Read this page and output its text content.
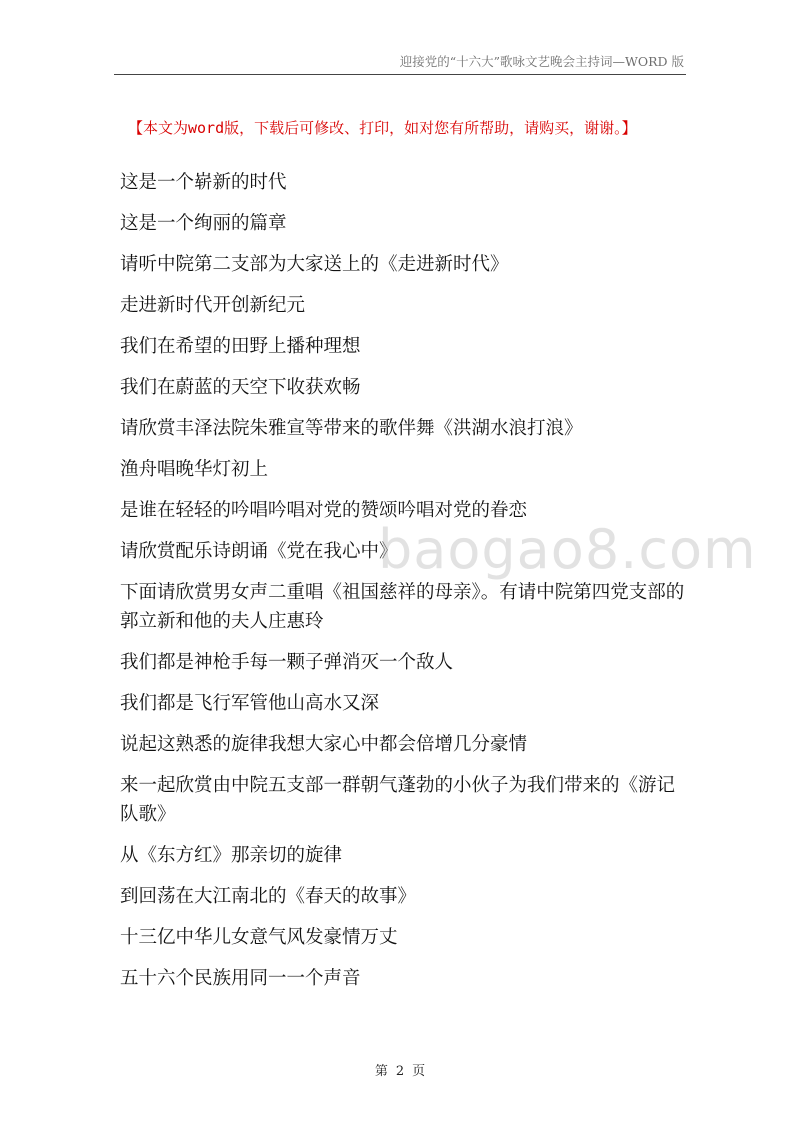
迎接党的“十六大”歌咏文艺晚会主持词—WORD 版
【本文为word版，下载后可修改、打印，如对您有所帮助，请购买，谢谢。】

这是一个崭新的时代

这是一个绚丽的篇章

请听中院第二支部为大家送上的《走进新时代》

走进新时代开创新纪元

我们在希望的田野上播种理想

我们在蔚蓝的天空下收获欢畅

请欣赏丰泽法院朱雅宣等带来的歌伴舞《洪湖水浪打浪》

渔舟唱晚华灯初上

是谁在轻轻的吟唱吟唱对党的赞颂吟唱对党的眷恋

请欣赏配乐诗朗诵《党在我心中》

下面请欣赏男女声二重唱《祖国慈祥的母亲》。有请中院第四党支部的郭立新和他的夫人庄惠玲

我们都是神枪手每一颗子弹消灭一个敌人

我们都是飞行军管他山高水又深

说起这熟悉的旋律我想大家心中都会倍增几分豪情

来一起欣赏由中院五支部一群朝气蓬勃的小伙子为我们带来的《游记队歌》

从《东方红》那亲切的旋律

到回荡在大江南北的《春天的故事》

十三亿中华儿女意气风发豪情万丈

五十六个民族用同一一个声音

baogao8.com
第 2 页
